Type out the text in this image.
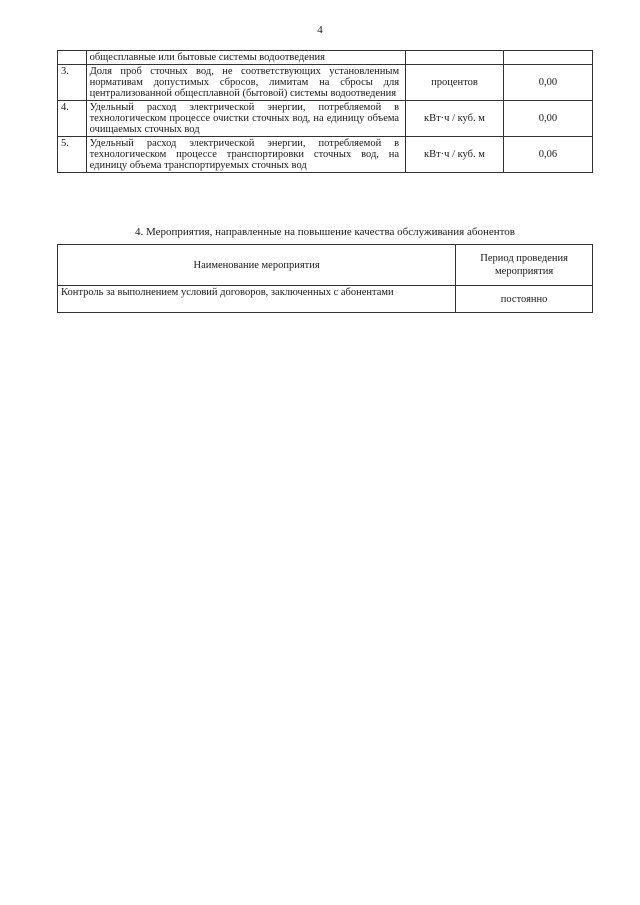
4
	общесплавные или бытовые системы водоотведения		
3.	Доля проб сточных вод, не соответствующих установленным нормативам допустимых сбросов, лимитам на сбросы для централизованной общесплавной (бытовой) системы водоотведения	процентов	0,00
4.	Удельный расход электрической энергии, потребляемой в технологическом процессе очистки сточных вод, на единицу объема очищаемых сточных вод	кВт·ч / куб. м	0,00
5.	Удельный расход электрической энергии, потребляемой в технологическом процессе транспортировки сточных вод, на единицу объема транспортируемых сточных вод	кВт·ч / куб. м	0,06
4. Мероприятия, направленные на повышение качества обслуживания абонентов
Наименование мероприятия	Период проведения мероприятия
Контроль за выполнением условий договоров, заключенных с абонентами	постоянно
